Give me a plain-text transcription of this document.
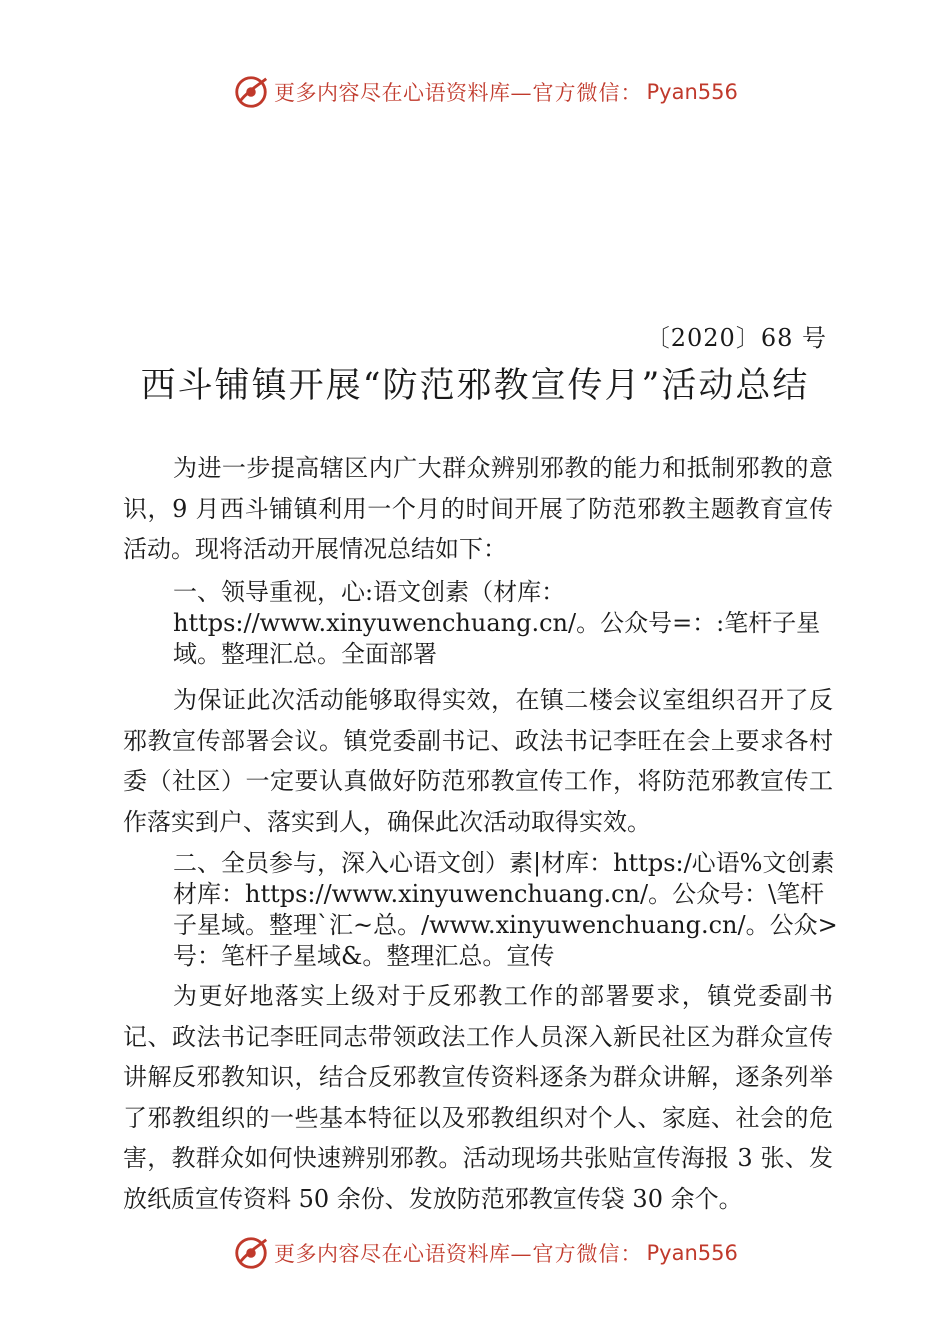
更多内容尽在心语资料库 —官方微信： Pyan556
〔2020〕68 号
西斗铺镇开展“防范邪教宣传月”活动总结
为进一步提高辖区内广大群众辨别邪教的能力和抵制邪教的意识，9 月西斗铺镇利用一个月的时间开展了防范邪教主题教育宣传活动。现将活动开展情况总结如下：
一、领导重视，心:语文创素（材库：https://www.xinyuwenchuang.cn/。公众号=：:笔杆子星域。整理汇总。全面部署
为保证此次活动能够取得实效，在镇二楼会议室组织召开了反邪教宣传部署会议。镇党委副书记、政法书记李旺在会上要求各村委（社区）一定要认真做好防范邪教宣传工作，将防范邪教宣传工作落实到户、落实到人，确保此次活动取得实效。
二、全员参与，深入心语文创）素|材库：https:/心语%文创素材库：https://www.xinyuwenchuang.cn/。公众号：\笔杆子星域。整理`汇~总。/www.xinyuwenchuang.cn/。公众>号：笔杆子星域&。整理汇总。宣传
为更好地落实上级对于反邪教工作的部署要求，镇党委副书记、政法书记李旺同志带领政法工作人员深入新民社区为群众宣传讲解反邪教知识，结合反邪教宣传资料逐条为群众讲解，逐条列举了邪教组织的一些基本特征以及邪教组织对个人、家庭、社会的危害，教群众如何快速辨别邪教。活动现场共张贴宣传海报 3 张、发放纸质宣传资料 50 余份、发放防范邪教宣传袋 30 余个。
更多内容尽在心语资料库 —官方微信： Pyan556
